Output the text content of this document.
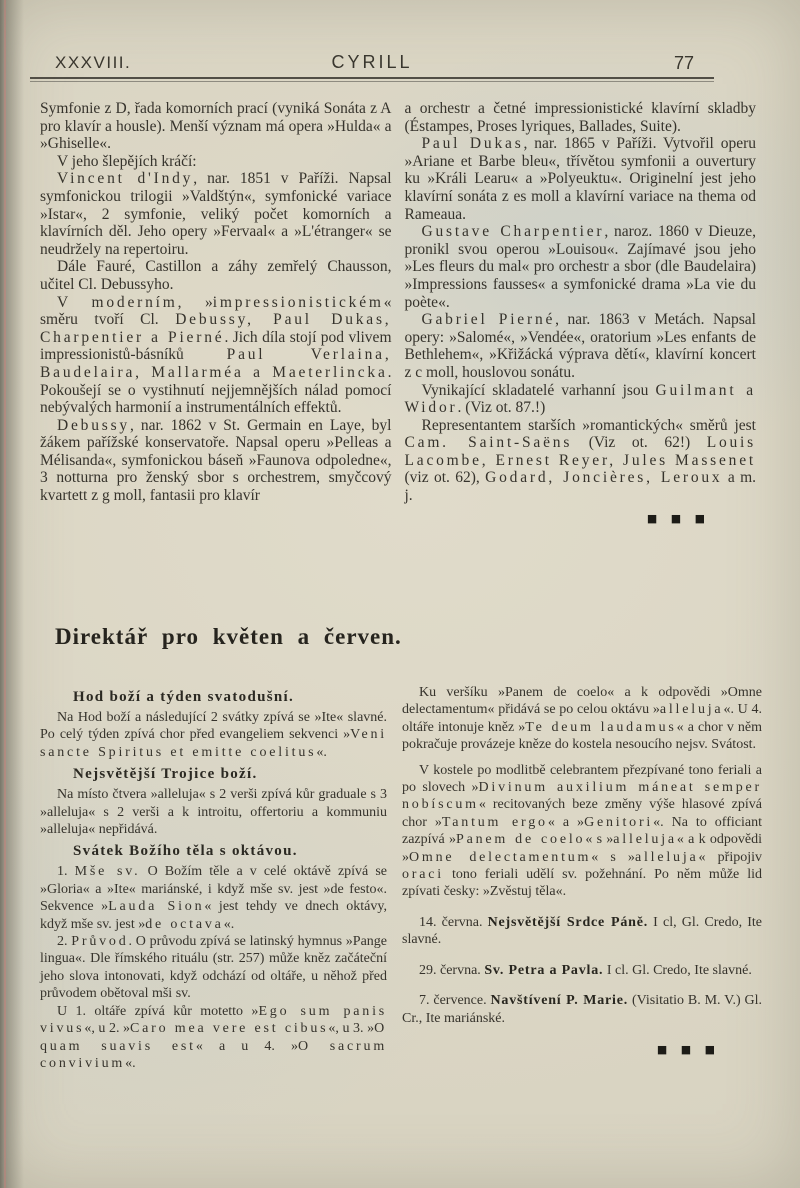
XXXVIII.	CYRILL	77

Symfonie z D, řada komorních prací (vyniká Sonáta z A pro klavír a housle). Menší význam má opera »Hulda« a »Ghiselle«.

V jeho šlepějích kráčí:

Vincent d'Indy, nar. 1851 v Paříži. Napsal symfonickou trilogii »Valdštýn«, symfonické variace »Istar«, 2 symfonie, veliký počet komorních a klavírních děl. Jeho opery »Fervaal« a »L'étranger« se neudržely na repertoiru.

Dále Fauré, Castillon a záhy zemřelý Chausson, učitel Cl. Debussyho.

V moderním, »impressionistickém« směru tvoří Cl. Debussy, Paul Dukas, Charpentier a Pierné. Jich díla stojí pod vlivem impressionistů-básníků Paul Verlaina, Baudelaira, Mallarméa a Maeterlincka. Pokoušejí se o vystihnutí nejjemnějších nálad pomocí nebývalých harmonií a instrumentálních effektů.

Debussy, nar. 1862 v St. Germain en Laye, byl žákem pařížské konservatoře. Napsal operu »Pelleas a Mélisanda«, symfonickou báseň »Faunova odpoledne«, 3 notturna pro ženský sbor s orchestrem, smyčcový kvartett z g moll, fantasii pro klavír

a orchestr a četné impressionistické klavírní skladby (Éstampes, Proses lyriques, Ballades, Suite).

Paul Dukas, nar. 1865 v Paříži. Vytvořil operu »Ariane et Barbe bleu«, třívětou symfonii a ouvertury ku »Králi Learu« a »Polyeuktu«. Originelní jest jeho klavírní sonáta z es moll a klavírní variace na thema od Rameaua.

Gustave Charpentier, naroz. 1860 v Dieuze, pronikl svou operou »Louisou«. Zajímavé jsou jeho »Les fleurs du mal« pro orchestr a sbor (dle Baudelaira) »Impressions fausses« a symfonické drama »La vie du poète«.

Gabriel Pierné, nar. 1863 v Metách. Napsal opery: »Salomé«, »Vendée«, oratorium »Les enfants de Bethlehem«, »Křižácká výprava dětí«, klavírní koncert z c moll, houslovou sonátu.

Vynikající skladatelé varhanní jsou Guilmant a Widor. (Viz ot. 87.!)

Representantem starších »romantických« směrů jest Cam. Saint-Saëns (Viz ot. 62!) Louis Lacombe, Ernest Reyer, Jules Massenet (viz ot. 62), Godard, Joncières, Leroux a m. j.

■ ■ ■
Direktář pro květen a červen.
Hod boží a týden svatodušní.

Na Hod boží a následující 2 svátky zpívá se »Ite« slavné. Po celý týden zpívá chor před evangeliem sekvenci »Veni sancte Spiritus et emitte coelitus«.

Nejsvětější Trojice boží.

Na místo čtvera »alleluja« s 2 verši zpívá kůr graduale s 3 »alleluja« s 2 verši a k introitu, offertoriu a kommuniu »alleluja« nepřidává.

Svátek Božího těla s oktávou.

1. Mše sv. O Božím těle a v celé oktávě zpívá se »Gloria« a »Ite« mariánské, i když mše sv. jest »de festo«. Sekvence »Lauda Sion« jest tehdy ve dnech oktávy, když mše sv. jest »de octava«.

2. Průvod. O průvodu zpívá se latinský hymnus »Pange lingua«. Dle římského rituálu (str. 257) může kněz začáteční jeho slova intonovati, když odchází od oltáře, u něhož před průvodem obětoval mši sv.

U 1. oltáře zpívá kůr motetto »Ego sum panis vivus«, u 2. »Caro mea vere est cibus«, u 3. »O quam suavis est« a u 4. »O sacrum convivium«.

Ku veršíku »Panem de coelo« a k odpovědi »Omne delectamentum« přidává se po celou oktávu »alleluja«. U 4. oltáře intonuje kněz »Te deum laudamus« a chor v něm pokračuje provázeje kněze do kostela nesoucího nejsv. Svátost.

V kostele po modlitbě celebrantem přezpívané tono feriali a po slovech »Divinum auxilium máneat semper nobíscum« recitovaných beze změny výše hlasové zpívá chor »Tantum ergo« a »Genitori«. Na to officiant zazpívá »Panem de coelo« s »alleluja« a k odpovědi »Omne delectamentum« s »alleluja« připojiv oraci tono feriali udělí sv. požehnání. Po něm může lid zpívati česky: »Zvěstuj těla«.

14. června. Nejsvětější Srdce Páně. I cl, Gl. Credo, Ite slavné.

29. června. Sv. Petra a Pavla. I cl. Gl. Credo, Ite slavné.

7. července. Navštívení P. Marie. (Visitatio B. M. V.) Gl. Cr., Ite mariánské.

■ ■ ■
